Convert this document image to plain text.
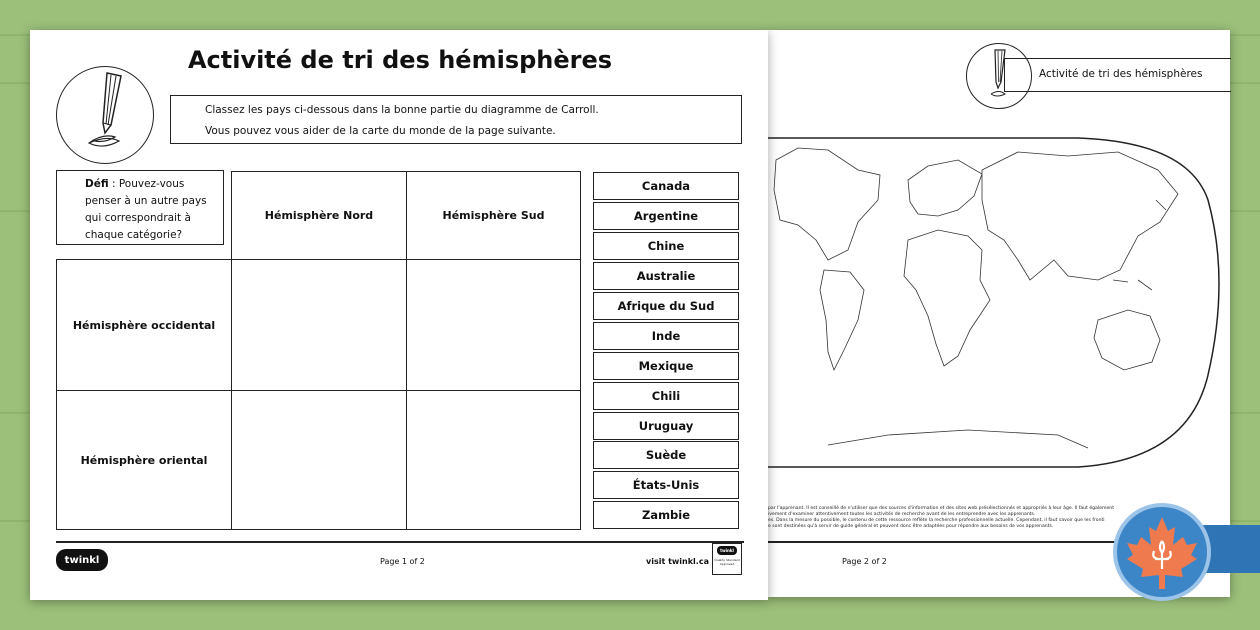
Activité de tri des hémisphères
par l'apprenant. Il est conseillé de n'utiliser que des sources d'information et des sites web présélectionnés et appropriés à leur âge. Il faut également
ivement d'examiner attentivement toutes les activités de recherche avant de les entreprendre avec les apprenants.
es. Dans la mesure du possible, le contenu de cette ressource reflète la recherche professionnelle actuelle. Cependant, il faut savoir que les fronti
e sont destinées qu'à servir de guide général et peuvent donc être adaptées pour répondre aux besoins de vos apprenants.
Page 2 of 2
Activité de tri des hémisphères
Classez les pays ci-dessous dans la bonne partie du diagramme de Carroll.
Vous pouvez vous aider de la carte du monde de la page suivante.
Défi : Pouvez-vous penser à un autre pays qui correspondrait à chaque catégorie?
Hémisphère Nord	Hémisphère Sud
Hémisphère occidental
Hémisphère oriental
Canada
Argentine
Chine
Australie
Afrique du Sud
Inde
Mexique
Chili
Uruguay
Suède
États-Unis
Zambie
twinkl	Page 1 of 2	visit twinkl.ca
twinkl
Quality Standard Approved
